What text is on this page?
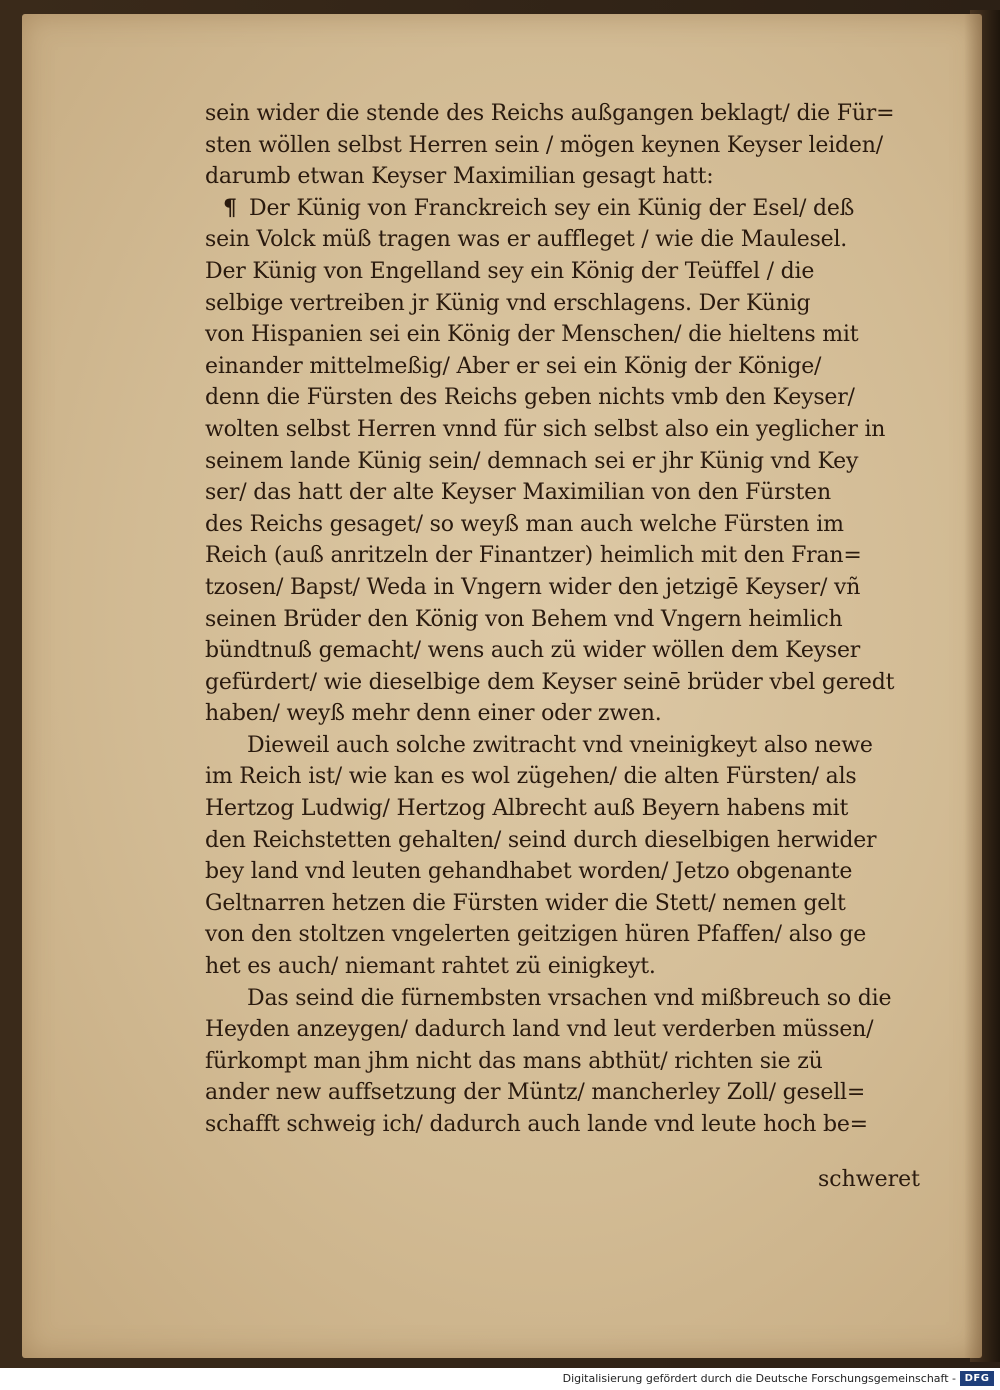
sein wider die stende des Reichs außgangen beklagt/ die Für=
sten wöllen selbst Herren sein / mögen keynen Keyser leiden/
darumb etwan Keyser Maximilian gesagt hatt:
¶ Der Künig von Franckreich sey ein Künig der Esel/ deß
sein Volck müß tragen was er auffleget / wie die Maulesel.
Der Künig von Engelland sey ein König der Teüffel / die
selbige vertreiben jr Künig vnd erschlagens. Der Künig
von Hispanien sei ein König der Menschen/ die hieltens mit
einander mittelmeßig/ Aber er sei ein König der Könige/
denn die Fürsten des Reichs geben nichts vmb den Keyser/
wolten selbst Herren vnnd für sich selbst also ein yeglicher in
seinem lande Künig sein/ demnach sei er jhr Künig vnd Key
ser/ das hatt der alte Keyser Maximilian von den Fürsten
des Reichs gesaget/ so weyß man auch welche Fürsten im
Reich (auß anritzeln der Finantzer) heimlich mit den Fran=
tzosen/ Bapst/ Weda in Vngern wider den jetzigē Keyser/ vñ
seinen Brüder den König von Behem vnd Vngern heimlich
bündtnuß gemacht/ wens auch zü wider wöllen dem Keyser
gefürdert/ wie dieselbige dem Keyser seinē brüder vbel geredt
haben/ weyß mehr denn einer oder zwen.
Dieweil auch solche zwitracht vnd vneinigkeyt also newe
im Reich ist/ wie kan es wol zügehen/ die alten Fürsten/ als
Hertzog Ludwig/ Hertzog Albrecht auß Beyern habens mit
den Reichstetten gehalten/ seind durch dieselbigen herwider
bey land vnd leuten gehandhabet worden/ Jetzo obgenante
Geltnarren hetzen die Fürsten wider die Stett/ nemen gelt
von den stoltzen vngelerten geitzigen hüren Pfaffen/ also ge
het es auch/ niemant rahtet zü einigkeyt.
Das seind die fürnembsten vrsachen vnd mißbreuch so die
Heyden anzeygen/ dadurch land vnd leut verderben müssen/
fürkompt man jhm nicht das mans abthüt/ richten sie zü
ander new auffsetzung der Müntz/ mancherley Zoll/ gesell=
schafft schweig ich/ dadurch auch lande vnd leute hoch be=
schweret
Digitalisierung gefördert durch die Deutsche Forschungsgemeinschaft - DFG
